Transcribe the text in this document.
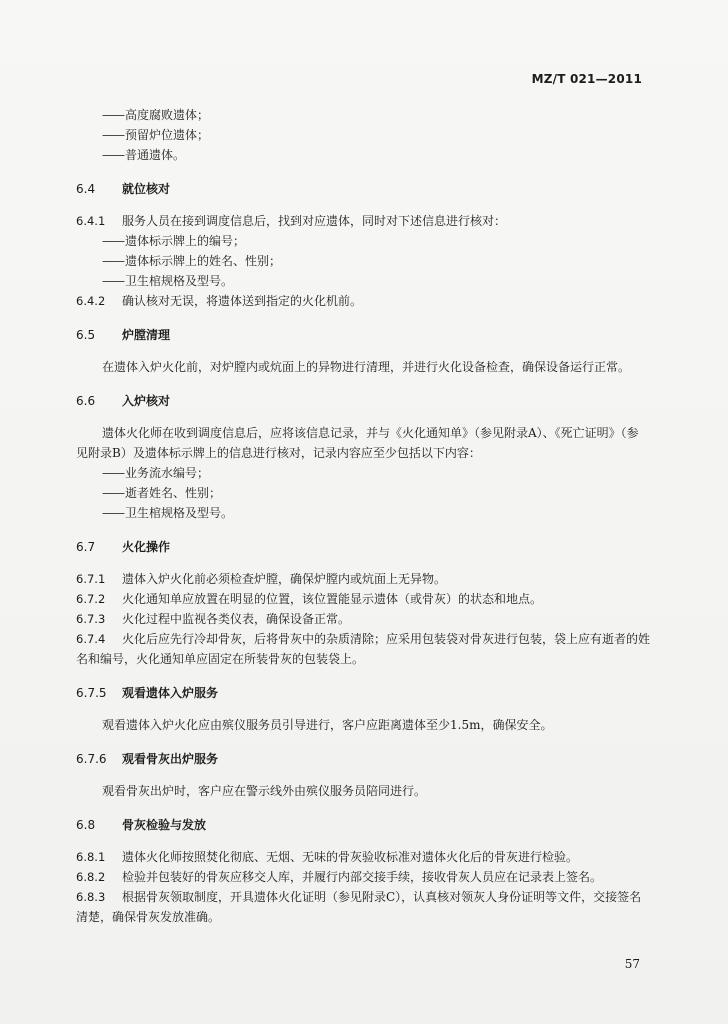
MZ/T 021—2011

—— 高度腐败遗体；

—— 预留炉位遗体；

—— 普通遗体。

6.4 就位核对

6.4.1 服务人员在接到调度信息后，找到对应遗体，同时对下述信息进行核对：

—— 遗体标示牌上的编号；

—— 遗体标示牌上的姓名、性别；

—— 卫生棺规格及型号。

6.4.2 确认核对无误，将遗体送到指定的火化机前。

6.5 炉膛清理

在遗体入炉火化前，对炉膛内或炕面上的异物进行清理，并进行火化设备检查，确保设备运行正常。

6.6 入炉核对

遗体火化师在收到调度信息后，应将该信息记录，并与《火化通知单》（参见附录A）、《死亡证明》（参见附录B）及遗体标示牌上的信息进行核对，记录内容应至少包括以下内容：

—— 业务流水编号；

—— 逝者姓名、性别；

—— 卫生棺规格及型号。

6.7 火化操作

6.7.1 遗体入炉火化前必须检查炉膛，确保炉膛内或炕面上无异物。

6.7.2 火化通知单应放置在明显的位置，该位置能显示遗体（或骨灰）的状态和地点。

6.7.3 火化过程中监视各类仪表，确保设备正常。

6.7.4 火化后应先行冷却骨灰，后将骨灰中的杂质清除；应采用包装袋对骨灰进行包装，袋上应有逝者的姓名和编号，火化通知单应固定在所装骨灰的包装袋上。

6.7.5 观看遗体入炉服务

观看遗体入炉火化应由殡仪服务员引导进行，客户应距离遗体至少1.5m，确保安全。

6.7.6 观看骨灰出炉服务

观看骨灰出炉时，客户应在警示线外由殡仪服务员陪同进行。

6.8 骨灰检验与发放

6.8.1 遗体火化师按照焚化彻底、无烟、无味的骨灰验收标准对遗体火化后的骨灰进行检验。

6.8.2 检验并包装好的骨灰应移交人库，并履行内部交接手续，接收骨灰人员应在记录表上签名。

6.8.3 根据骨灰领取制度，开具遗体火化证明（参见附录C），认真核对领灰人身份证明等文件，交接签名清楚，确保骨灰发放准确。

57
